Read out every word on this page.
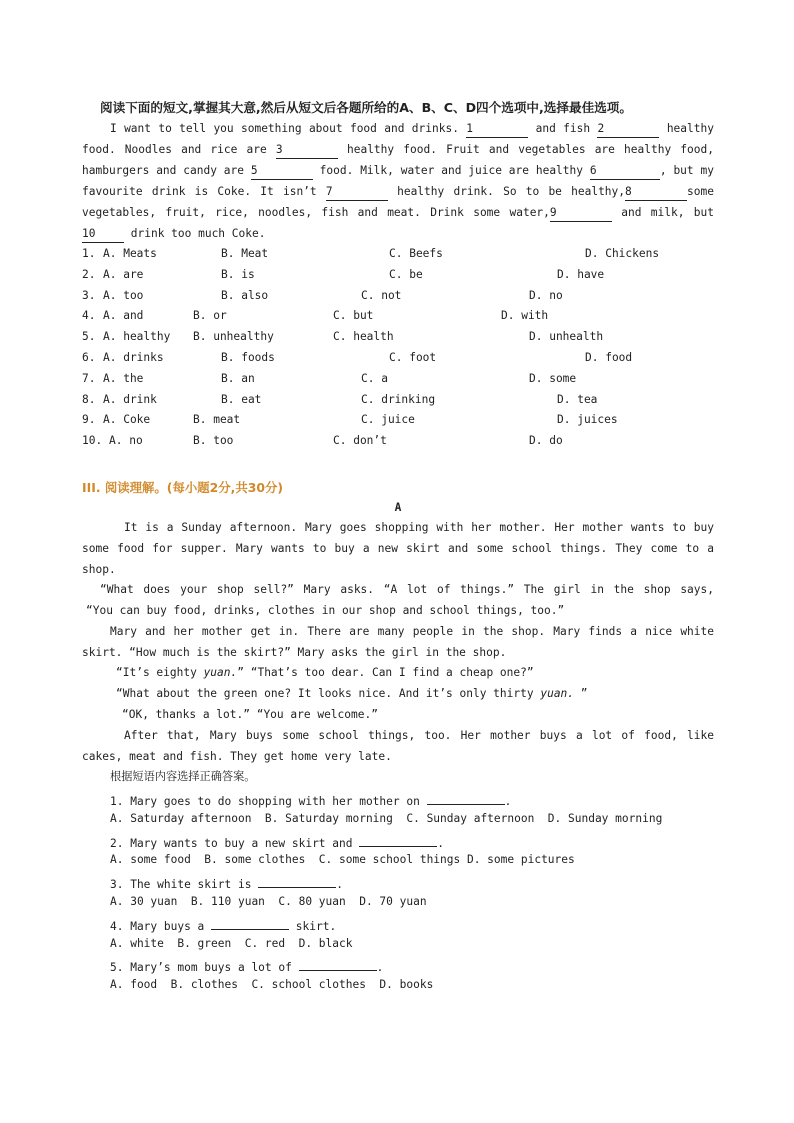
阅读下面的短文,掌握其大意,然后从短文后各题所给的A、B、C、D四个选项中,选择最佳选项。
I want to tell you something about food and drinks. 1	and fish 2	healthy
food. Noodles and rice are 3	healthy food. Fruit and vegetables are healthy food,
hamburgers and candy are 5	food. Milk, water and juice are healthy 6	, but my
favourite drink is Coke. It isn’t 7	healthy drink. So to be healthy,8	some
vegetables, fruit, rice, noodles, fish and meat. Drink some water,9	and milk, but
10	drink too much Coke.
1. A. Meats	B. Meat	C. Beefs	D. Chickens
2. A. are	B. is	C. be	D. have
3. A. too	B. also	C. not	D. no
4. A. and	B. or	C. but	D. with
5. A. healthy B. unhealthy	C. health	D. unhealth
6. A. drinks	B. foods	C. foot	D. food
7. A. the	B. an	C. a	D. some
8. A. drink	B. eat	C. drinking	D. tea
9. A. Coke	B. meat	C. juice	D. juices
10. A. no	B. too	C. don’t	D. do
III. 阅读理解。(每小题2分,共30分)
A
It is a Sunday afternoon. Mary goes shopping with her mother. Her mother wants to buy
some food for supper. Mary wants to buy a new skirt and some school things. They come to a
shop.
“What does your shop sell?” Mary asks. “A lot of things.” The girl in the shop says,
“You can buy food, drinks, clothes in our shop and school things, too.”
Mary and her mother get in. There are many people in the shop. Mary finds a nice white
skirt. “How much is the skirt?” Mary asks the girl in the shop.
“It’s eighty yuan.” “That’s too dear. Can I find a cheap one?”
“What about the green one? It looks nice. And it’s only thirty yuan. ”
“OK, thanks a lot.” “You are welcome.”
After that, Mary buys some school things, too. Her mother buys a lot of food, like
cakes, meat and fish. They get home very late.
根据短语内容选择正确答案。
1. Mary goes to do shopping with her mother on	.
A. Saturday afternoon  B. Saturday morning  C. Sunday afternoon  D. Sunday morning
2. Mary wants to buy a new skirt and	.
A. some food  B. some clothes  C. some school things D. some pictures
3. The white skirt is	.
A. 30 yuan  B. 110 yuan  C. 80 yuan  D. 70 yuan
4. Mary buys a	skirt.
A. white  B. green  C. red  D. black
5. Mary’s mom buys a lot of	.
A. food  B. clothes  C. school clothes  D. books
